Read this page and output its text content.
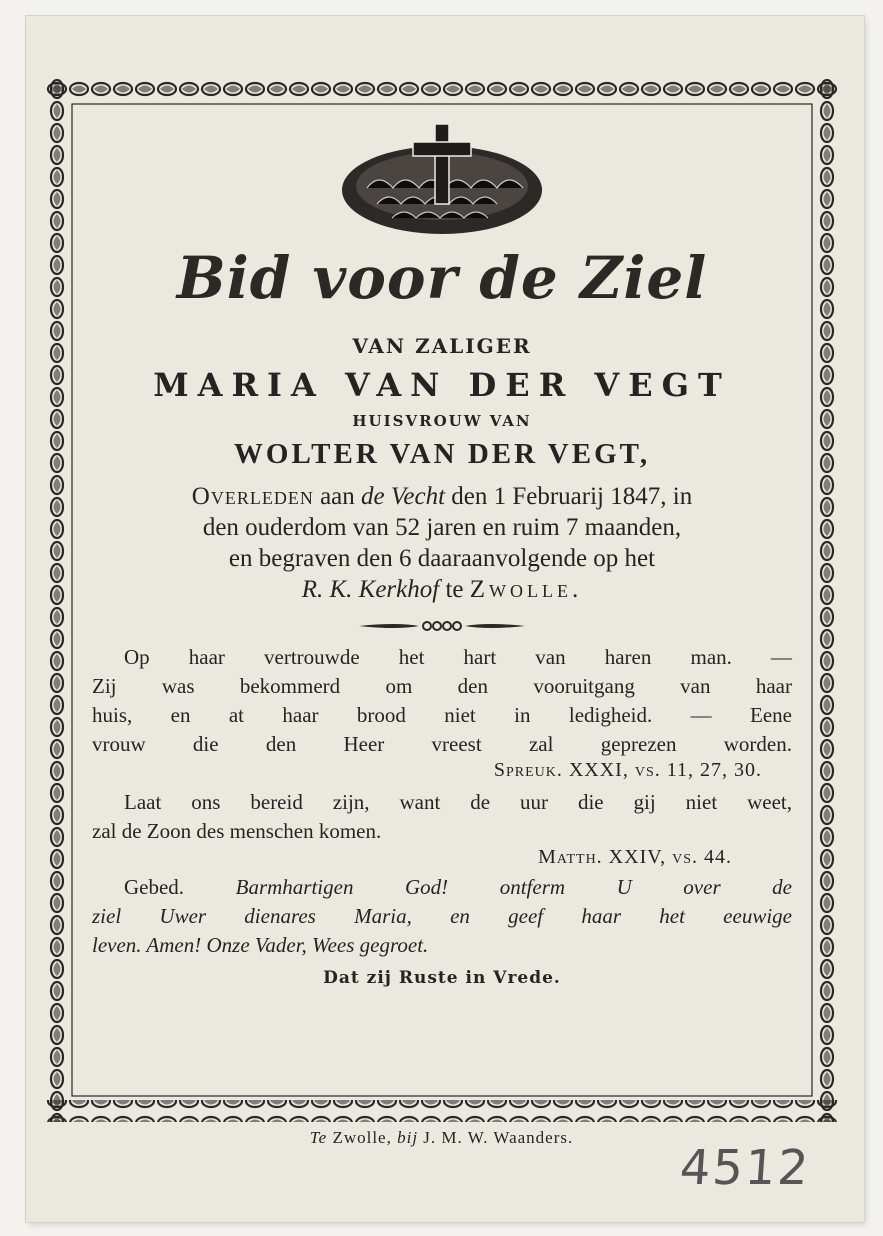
Bid voor de Ziel
VAN ZALIGER
MARIA VAN DER VEGT
HUISVROUW VAN
WOLTER VAN DER VEGT,
Overleden aan de Vecht den 1 Februarij 1847, in
den ouderdom van 52 jaren en ruim 7 maanden,
en begraven den 6 daaraanvolgende op het
R. K. Kerkhof te Zwolle.
Op haar vertrouwde het hart van haren man. —
Zij was bekommerd om den vooruitgang van haar
huis, en at haar brood niet in ledigheid. — Eene
vrouw die den Heer vreest zal geprezen worden.
Spreuk. XXXI, vs. 11, 27, 30.
Laat ons bereid zijn, want de uur die gij niet weet,
zal de Zoon des menschen komen.
Matth. XXIV, vs. 44.
Gebed. Barmhartigen God! ontferm U over de
ziel Uwer dienares Maria, en geef haar het eeuwige
leven. Amen! Onze Vader, Wees gegroet.
Dat zij Ruste in Vrede.
Te Zwolle, bij J. M. W. Waanders.
4512
